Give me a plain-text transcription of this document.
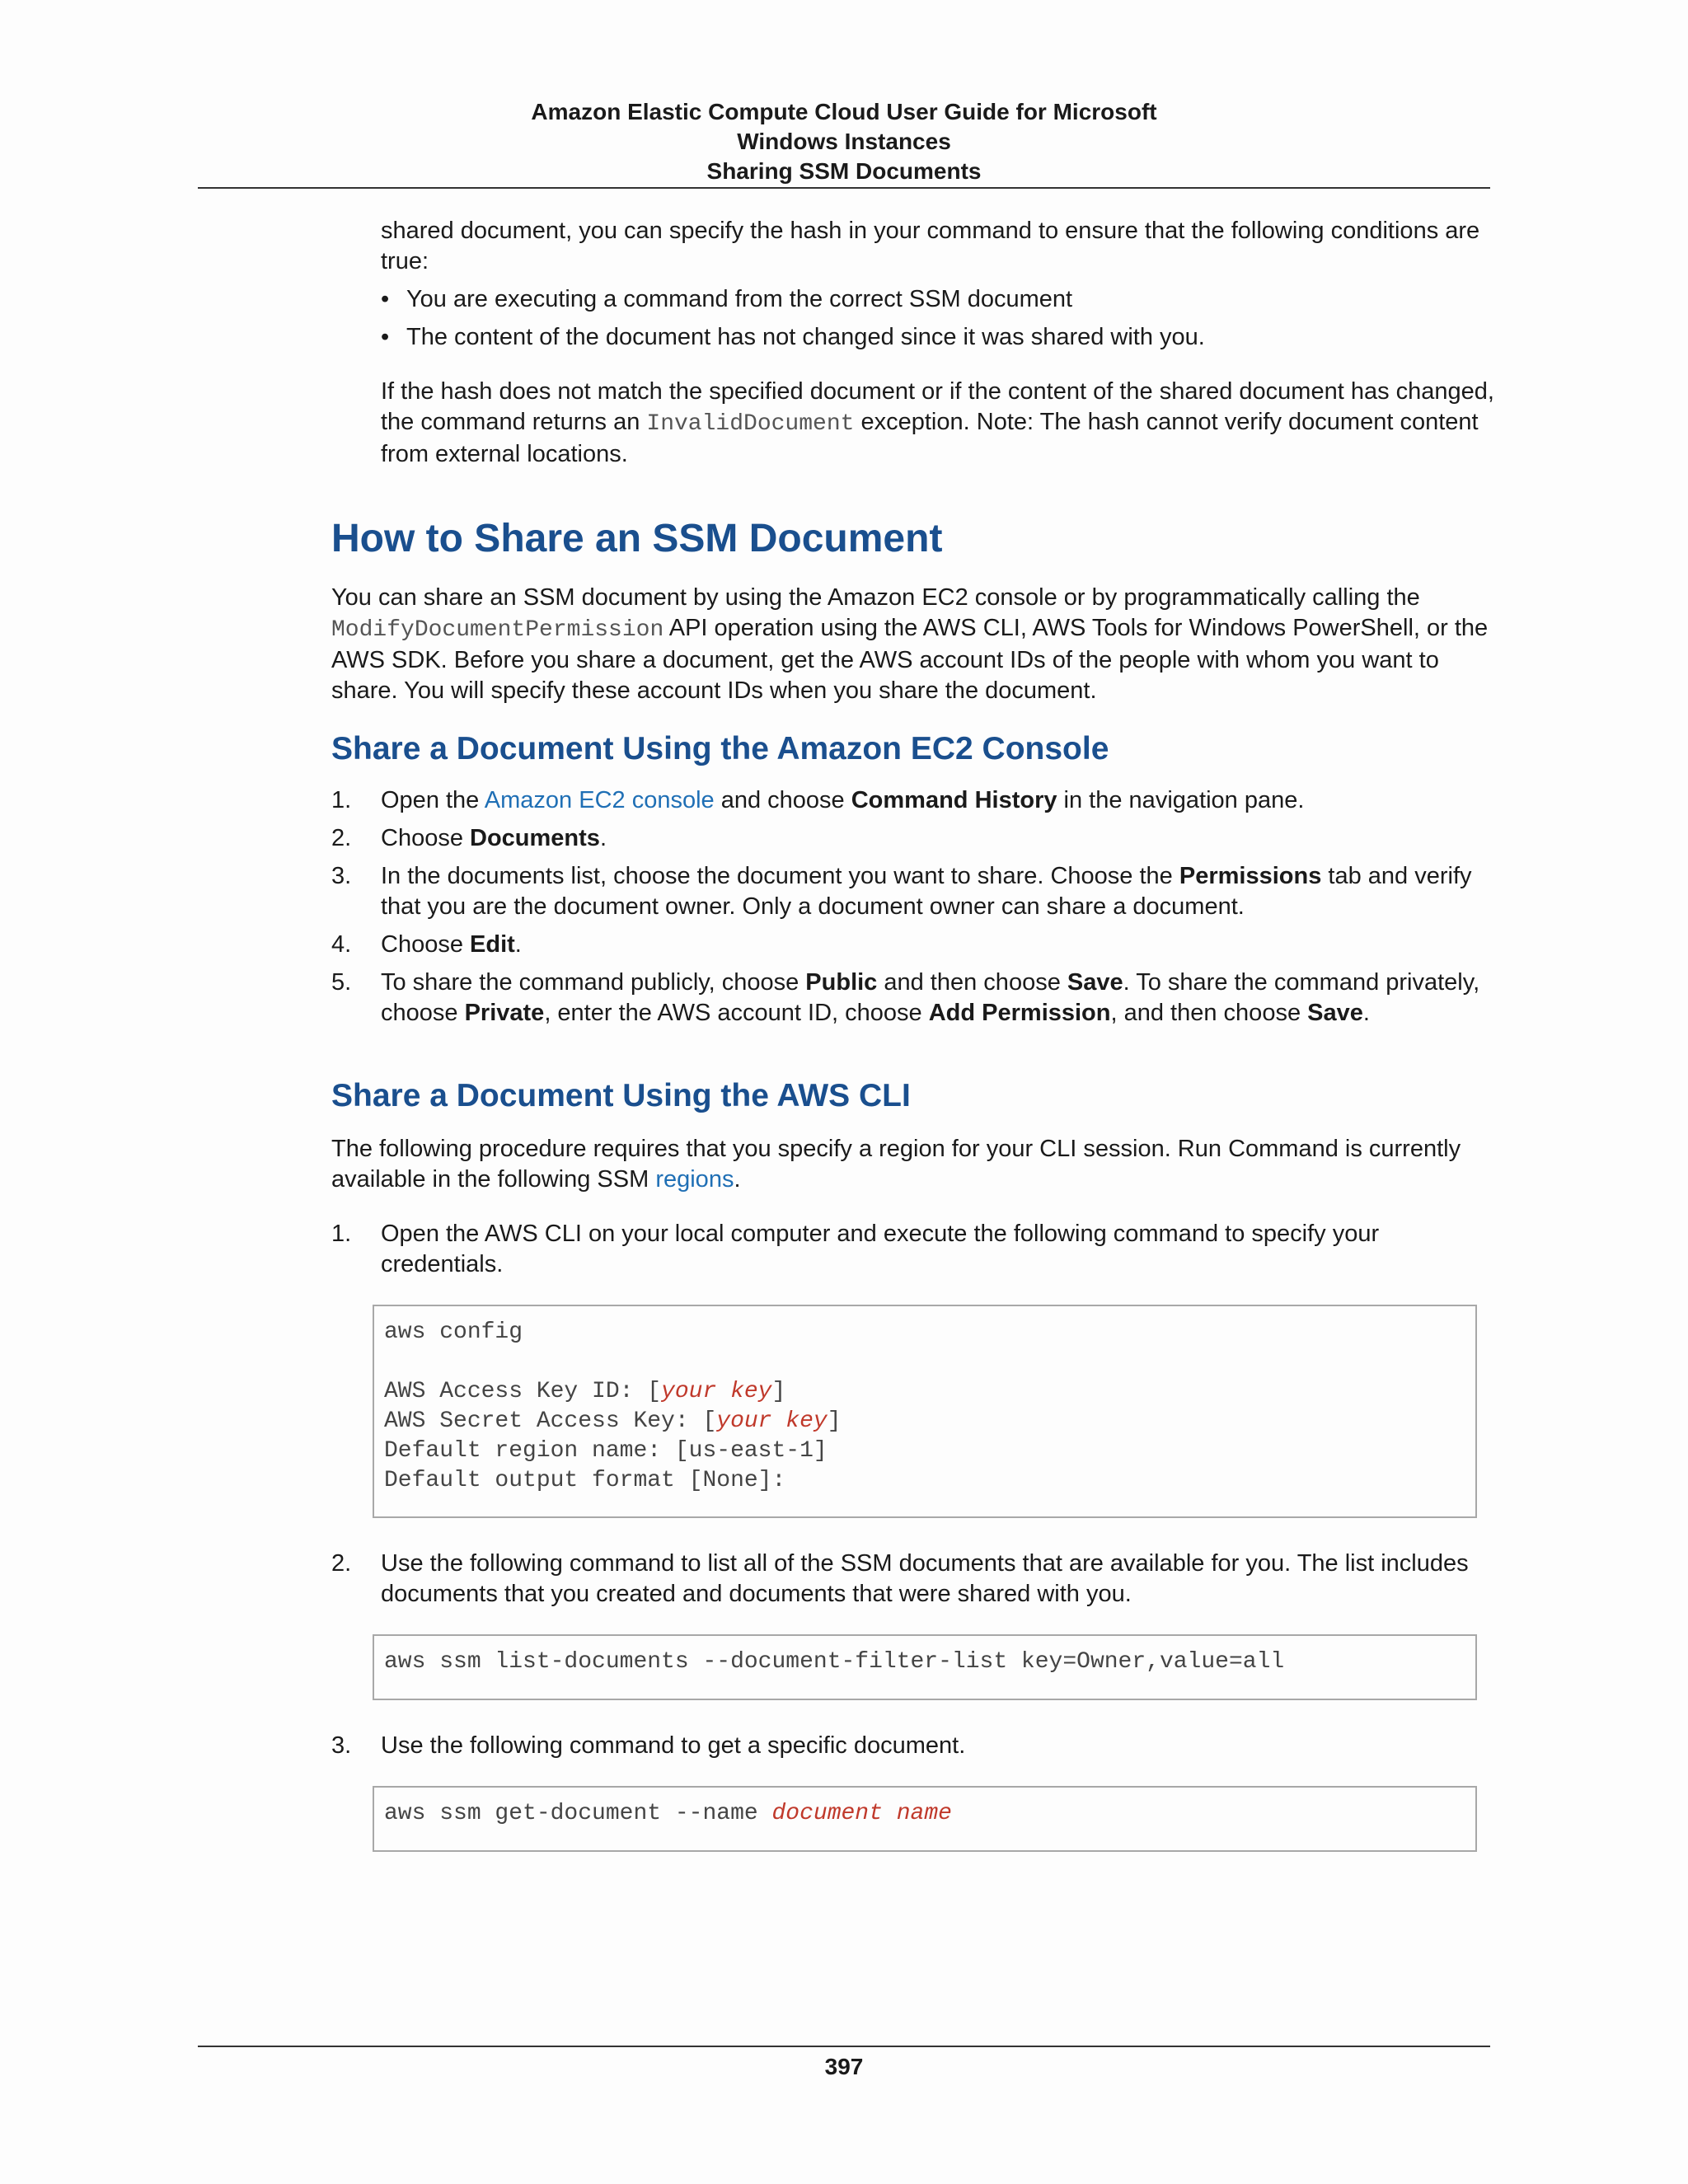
Amazon Elastic Compute Cloud User Guide for Microsoft
Windows Instances
Sharing SSM Documents

shared document, you can specify the hash in your command to ensure that the following conditions are true:

• You are executing a command from the correct SSM document
• The content of the document has not changed since it was shared with you.

If the hash does not match the specified document or if the content of the shared document has changed, the command returns an InvalidDocument exception. Note: The hash cannot verify document content from external locations.

How to Share an SSM Document

You can share an SSM document by using the Amazon EC2 console or by programmatically calling the ModifyDocumentPermission API operation using the AWS CLI, AWS Tools for Windows PowerShell, or the AWS SDK. Before you share a document, get the AWS account IDs of the people with whom you want to share. You will specify these account IDs when you share the document.

Share a Document Using the Amazon EC2 Console
1. Open the Amazon EC2 console and choose Command History in the navigation pane.
2. Choose Documents.
3. In the documents list, choose the document you want to share. Choose the Permissions tab and verify that you are the document owner. Only a document owner can share a document.
4. Choose Edit.
5. To share the command publicly, choose Public and then choose Save. To share the command privately, choose Private, enter the AWS account ID, choose Add Permission, and then choose Save.
Share a Document Using the AWS CLI

The following procedure requires that you specify a region for your CLI session. Run Command is currently available in the following SSM regions.

1. Open the AWS CLI on your local computer and execute the following command to specify your credentials.
aws config
AWS Access Key ID: [your key]
AWS Secret Access Key: [your key]
Default region name: [us-east-1]
Default output format [None]:
2. Use the following command to list all of the SSM documents that are available for you. The list includes documents that you created and documents that were shared with you.
aws ssm list-documents --document-filter-list key=Owner,value=all
3. Use the following command to get a specific document.
aws ssm get-document --name document name
397
